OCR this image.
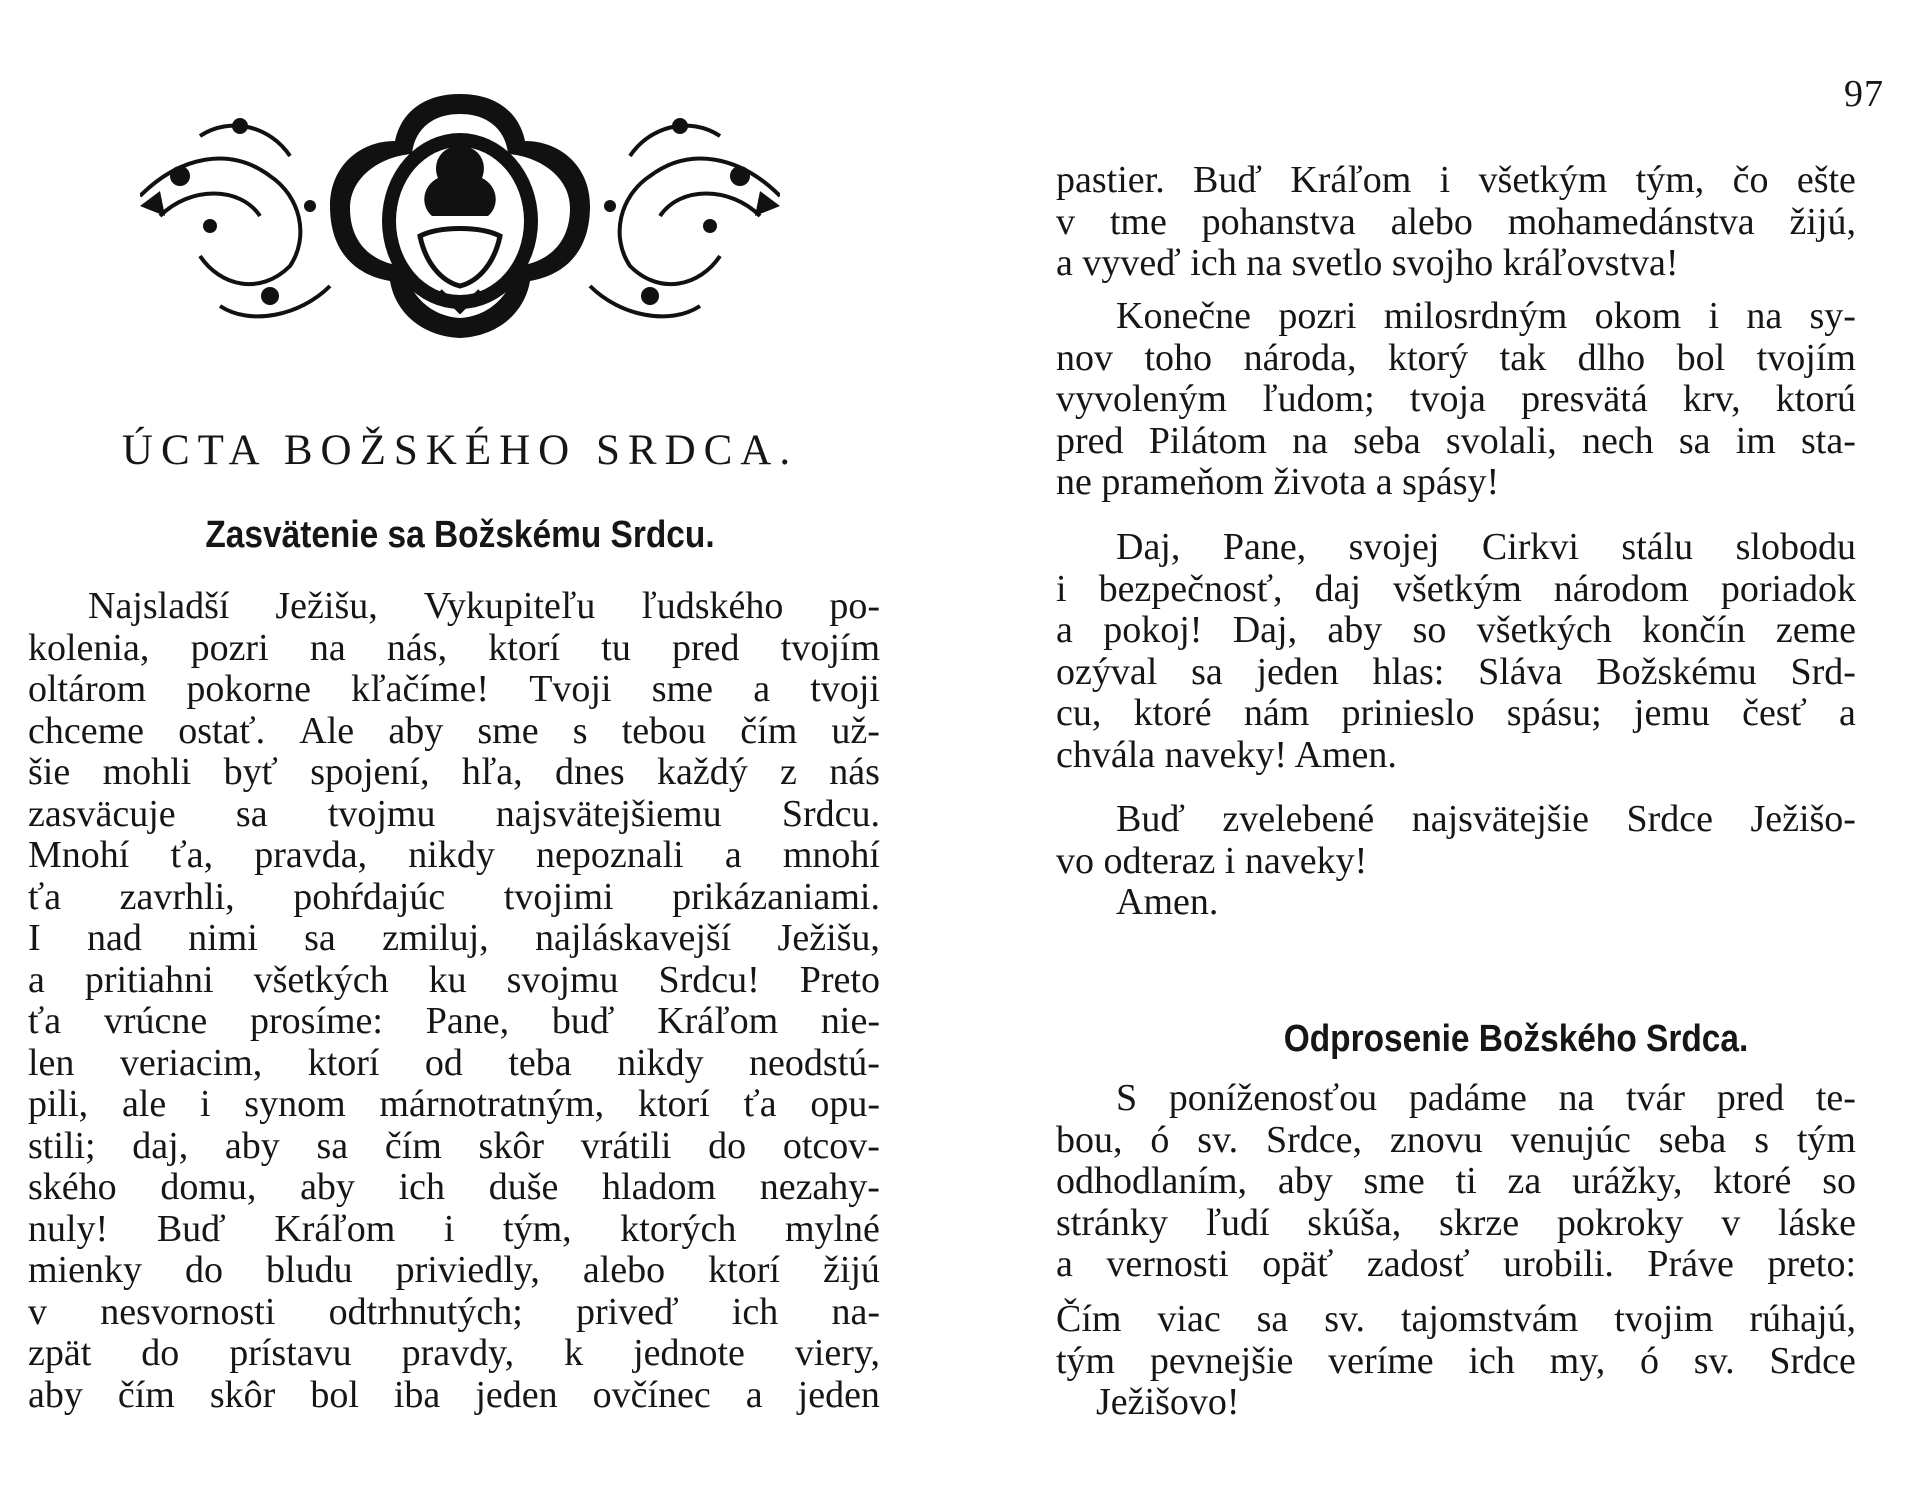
ÚCTA BOŽSKÉHO SRDCA.
Zasvätenie sa Božskému Srdcu.
Najsladší Ježišu, Vykupiteľu ľudského po-
kolenia, pozri na nás, ktorí tu pred tvojím
oltárom pokorne kľačíme! Tvoji sme a tvoji
chceme ostať. Ale aby sme s tebou čím už-
šie mohli byť spojení, hľa, dnes každý z nás
zasväcuje sa tvojmu najsvätejšiemu Srdcu.
Mnohí ťa, pravda, nikdy nepoznali a mnohí
ťa zavrhli, pohŕdajúc tvojimi prikázaniami.
I nad nimi sa zmiluj, najláskavejší Ježišu,
a pritiahni všetkých ku svojmu Srdcu! Preto
ťa vrúcne prosíme: Pane, buď Kráľom nie-
len veriacim, ktorí od teba nikdy neodstú-
pili, ale i synom márnotratným, ktorí ťa opu-
stili; daj, aby sa čím skôr vrátili do otcov-
ského domu, aby ich duše hladom nezahy-
nuly! Buď Kráľom i tým, ktorých mylné
mienky do bludu priviedly, alebo ktorí žijú
v nesvornosti odtrhnutých; priveď ich na-
zpät do prístavu pravdy, k jednote viery,
aby čím skôr bol iba jeden ovčínec a jeden
97
pastier. Buď Kráľom i všetkým tým, čo ešte
v tme pohanstva alebo mohamedánstva žijú,
a vyveď ich na svetlo svojho kráľovstva!
Konečne pozri milosrdným okom i na sy-
nov toho národa, ktorý tak dlho bol tvojím
vyvoleným ľudom; tvoja presvätá krv, ktorú
pred Pilátom na seba svolali, nech sa im sta-
ne prameňom života a spásy!
Daj, Pane, svojej Cirkvi stálu slobodu
i bezpečnosť, daj všetkým národom poriadok
a pokoj! Daj, aby so všetkých končín zeme
ozýval sa jeden hlas: Sláva Božskému Srd-
cu, ktoré nám prinieslo spásu; jemu česť a
chvála naveky! Amen.
Buď zvelebené najsvätejšie Srdce Ježišo-
vo odteraz i naveky!
Amen.
Odprosenie Božského Srdca.
S poníženosťou padáme na tvár pred te-
bou, ó sv. Srdce, znovu venujúc seba s tým
odhodlaním, aby sme ti za urážky, ktoré so
stránky ľudí skúša, skrze pokroky v láske
a vernosti opäť zadosť urobili. Práve preto:
Čím viac sa sv. tajomstvám tvojim rúhajú,
tým pevnejšie veríme ich my, ó sv. Srdce
Ježišovo!
